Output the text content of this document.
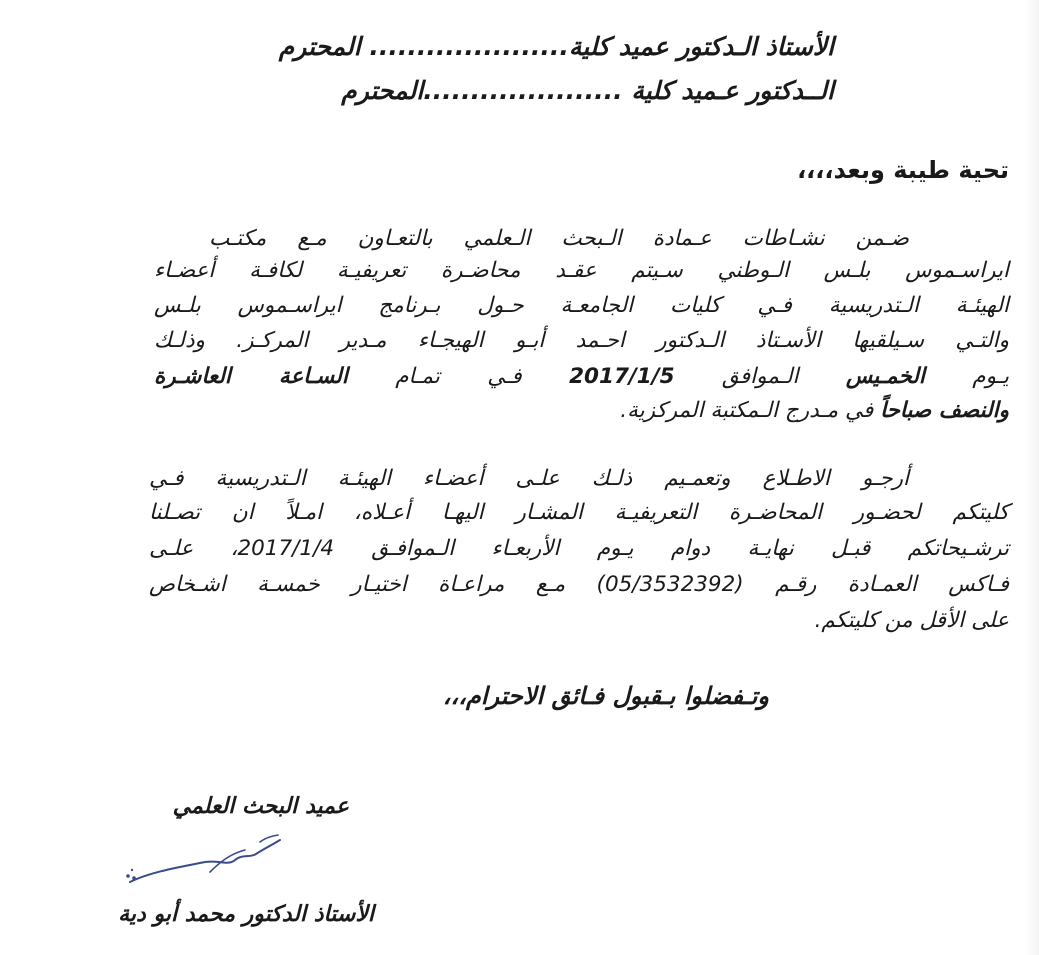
الأستاذ الـدكتور عميد كلية..................... المحترم
الــدكتور عـميد كلية .....................المحترم
تحية طيبة وبعد،،،،
ضـمن نشـاطات عـمادة الـبحث الـعلمي بالتعـاون مـع مكتـب
ايراسـموس بلـس الـوطني سـيتم عقـد محاضـرة تعريفيـة لكافـة أعضـاء
الهيئـة الـتدريسية فـي كليات الجامعـة حـول بـرنامج ايراسـموس بلـس
والتـي سـيلقيها الأسـتاذ الـدكتور احـمد أبـو الهيجـاء مـدير المركـز. وذلـك
يـوم الخمـيس الـموافق 2017/1/5 فـي تمـام السـاعة العاشـرة
والنصف صباحاً في مـدرج الـمكتبة المركزية.
أرجـو الاطـلاع وتعمـيم ذلـك علـى أعضـاء الهيئـة الـتدريسية فـي
كليتكم لحضـور المحاضـرة التعريفيـة المشـار اليهـا أعـلاه، امـلاً ان تصـلنا
ترشـيحاتكم قبـل نهايـة دوام يـوم الأربعـاء الـموافـق 2017/1/4، علـى
فـاكس العمـادة رقـم (05/3532392) مـع مراعـاة اختيـار خمسـة اشـخاص
على الأقل من كليتكم.
وتـفضلوا بـقبول فـائق الاحترام،،،
عميد البحث العلمي
الأستاذ الدكتور محمد أبو دية
